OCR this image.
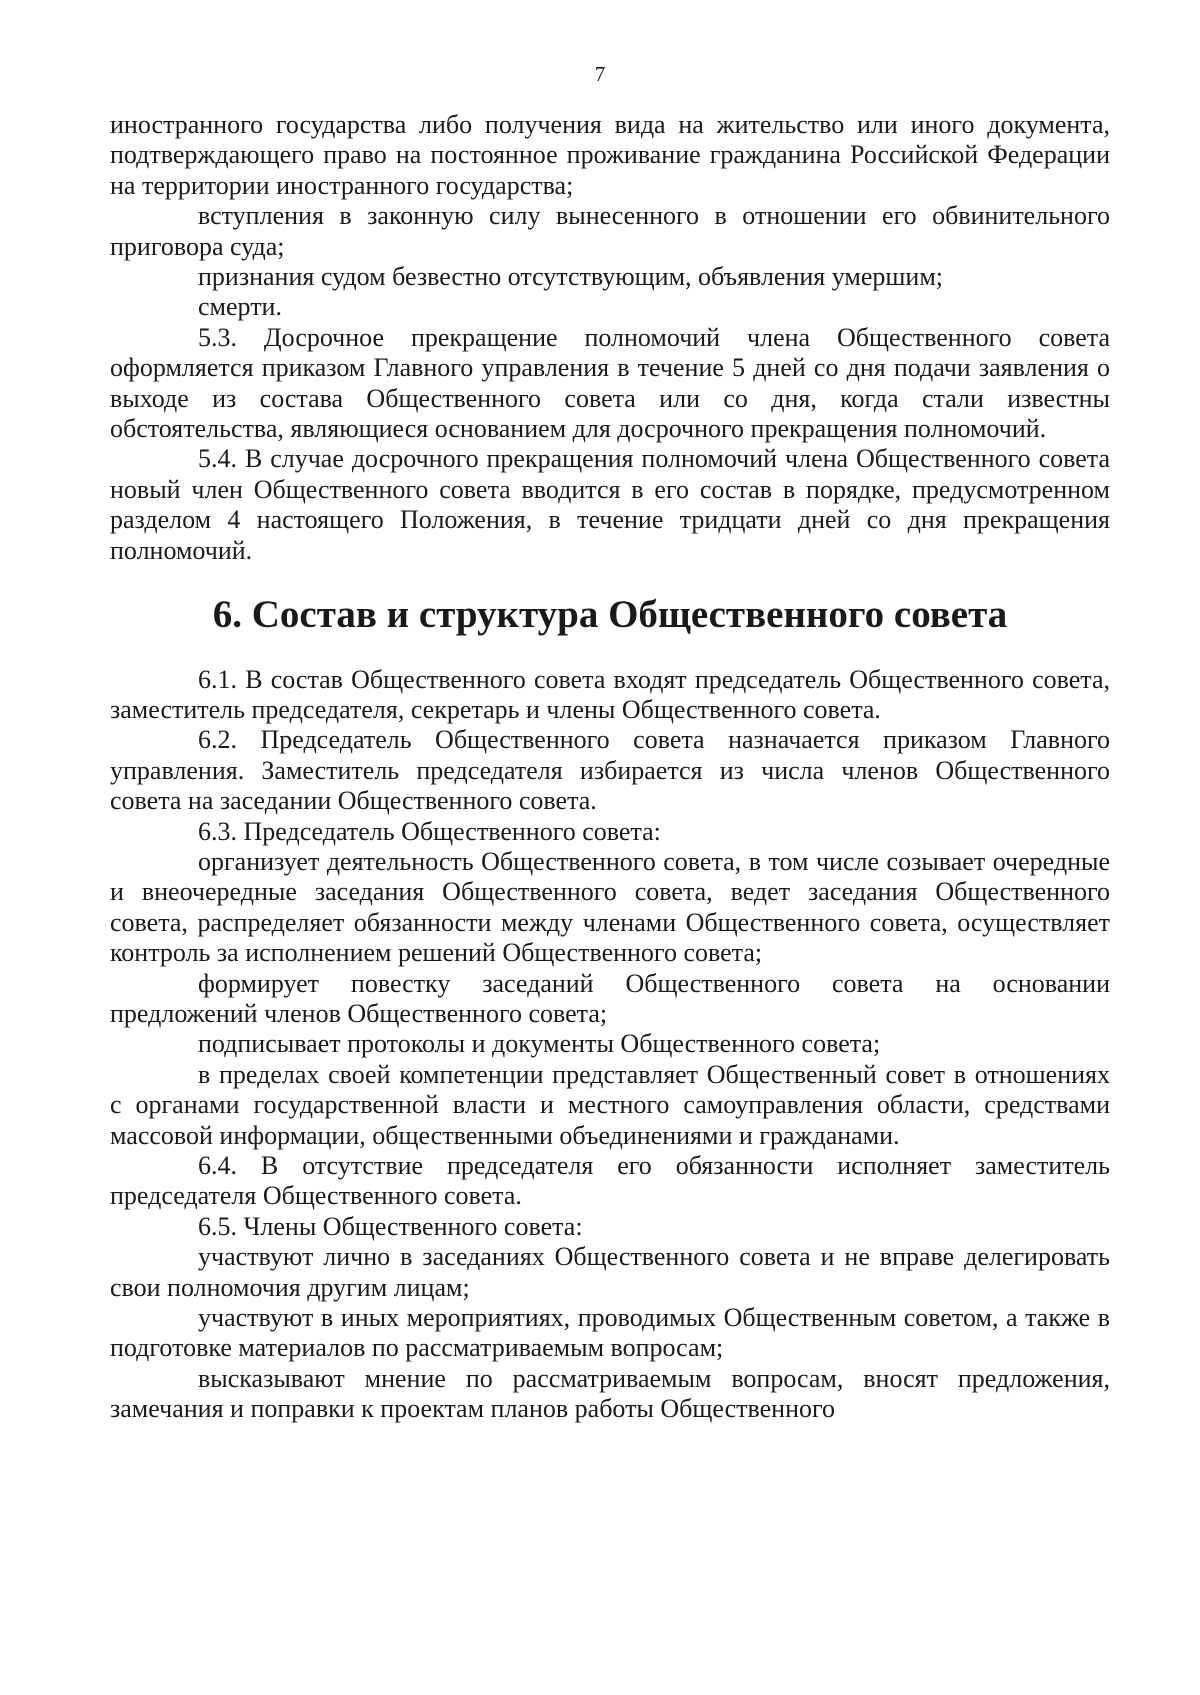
7

иностранного государства либо получения вида на жительство или иного документа, подтверждающего право на постоянное проживание гражданина Российской Федерации на территории иностранного государства;

вступления в законную силу вынесенного в отношении его обвинительного приговора суда;

признания судом безвестно отсутствующим, объявления умершим;

смерти.

5.3. Досрочное прекращение полномочий члена Общественного совета оформляется приказом Главного управления в течение 5 дней со дня подачи заявления о выходе из состава Общественного совета или со дня, когда стали известны обстоятельства, являющиеся основанием для досрочного прекращения полномочий.

5.4. В случае досрочного прекращения полномочий члена Общественного совета новый член Общественного совета вводится в его состав в порядке, предусмотренном разделом 4 настоящего Положения, в течение тридцати дней со дня прекращения полномочий.

6. Состав и структура Общественного совета

6.1. В состав Общественного совета входят председатель Общественного совета, заместитель председателя, секретарь и члены Общественного совета.

6.2. Председатель Общественного совета назначается приказом Главного управления. Заместитель председателя избирается из числа членов Общественного совета на заседании Общественного совета.

6.3. Председатель Общественного совета:

организует деятельность Общественного совета, в том числе созывает очередные и внеочередные заседания Общественного совета, ведет заседания Общественного совета, распределяет обязанности между членами Общественного совета, осуществляет контроль за исполнением решений Общественного совета;

формирует повестку заседаний Общественного совета на основании предложений членов Общественного совета;

подписывает протоколы и документы Общественного совета;

в пределах своей компетенции представляет Общественный совет в отношениях с органами государственной власти и местного самоуправления области, средствами массовой информации, общественными объединениями и гражданами.

6.4. В отсутствие председателя его обязанности исполняет заместитель председателя Общественного совета.

6.5. Члены Общественного совета:

участвуют лично в заседаниях Общественного совета и не вправе делегировать свои полномочия другим лицам;

участвуют в иных мероприятиях, проводимых Общественным советом, а также в подготовке материалов по рассматриваемым вопросам;

высказывают мнение по рассматриваемым вопросам, вносят предложения, замечания и поправки к проектам планов работы Общественного
